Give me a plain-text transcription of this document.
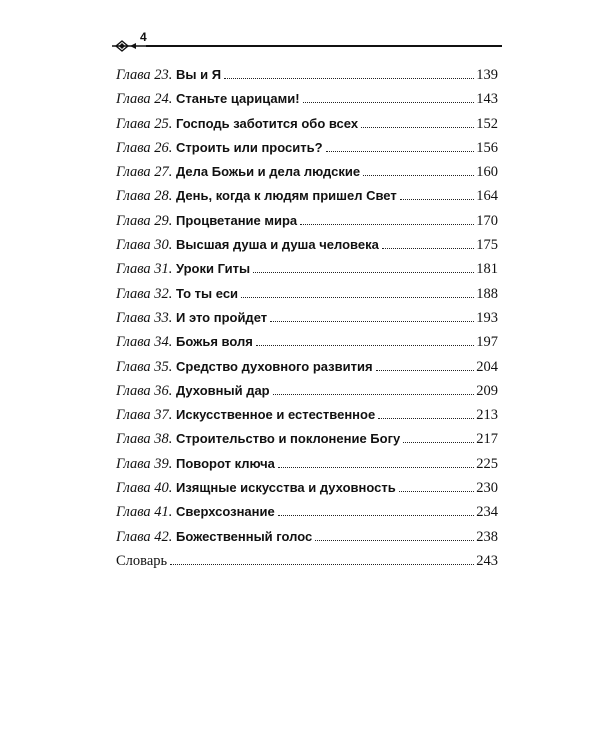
4
Глава 23. Вы и Я	139
Глава 24. Станьте царицами!	143
Глава 25. Господь заботится обо всех	152
Глава 26. Строить или просить?	156
Глава 27. Дела Божьи и дела людские	160
Глава 28. День, когда к людям пришел Свет	164
Глава 29. Процветание мира	170
Глава 30. Высшая душа и душа человека	175
Глава 31. Уроки Гиты	181
Глава 32. То ты еси	188
Глава 33. И это пройдет	193
Глава 34. Божья воля	197
Глава 35. Средство духовного развития	204
Глава 36. Духовный дар	209
Глава 37. Искусственное и естественное	213
Глава 38. Строительство и поклонение Богу	217
Глава 39. Поворот ключа	225
Глава 40. Изящные искусства и духовность	230
Глава 41. Сверхсознание	234
Глава 42. Божественный голос	238
Словарь	243
